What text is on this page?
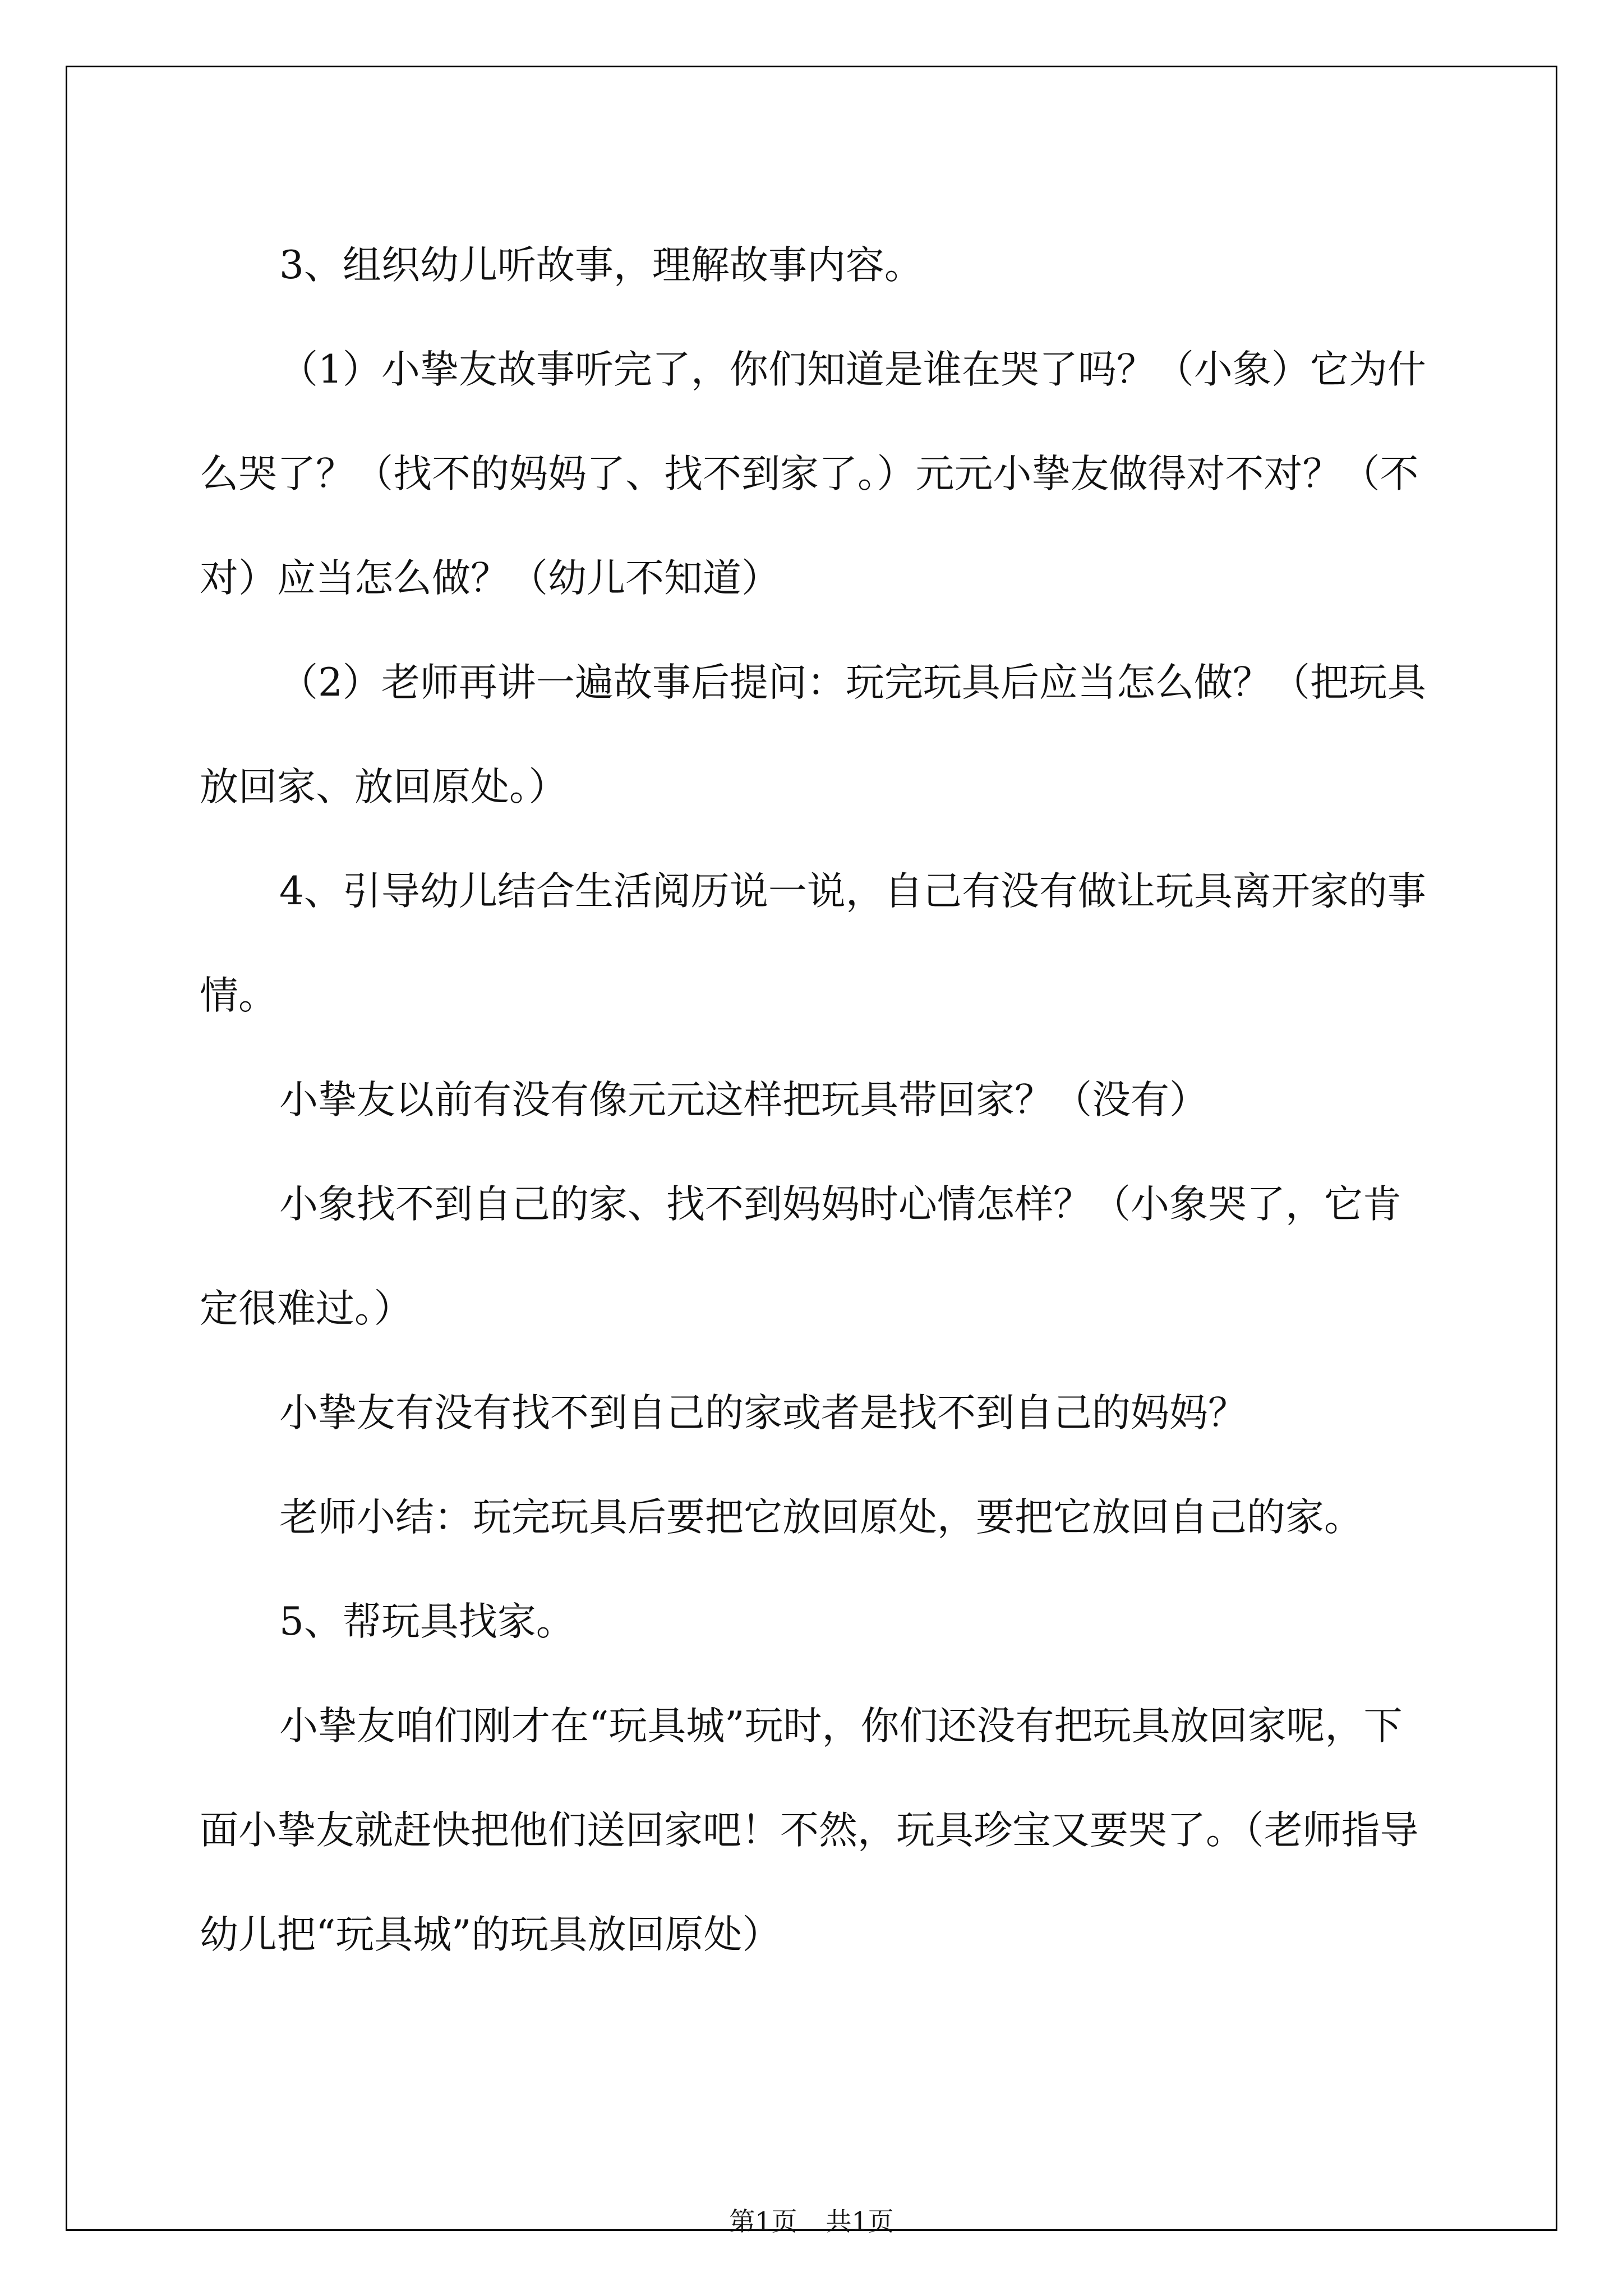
3、组织幼儿听故事，理解故事内容。

（1）小挚友故事听完了，你们知道是谁在哭了吗？（小象）它为什么哭了？（找不的妈妈了、找不到家了。）元元小挚友做得对不对？（不对）应当怎么做？（幼儿不知道）

（2）老师再讲一遍故事后提问：玩完玩具后应当怎么做？（把玩具放回家、放回原处。）

4、引导幼儿结合生活阅历说一说，自己有没有做让玩具离开家的事情。

小挚友以前有没有像元元这样把玩具带回家？（没有）

小象找不到自己的家、找不到妈妈时心情怎样？（小象哭了，它肯定很难过。）

小挚友有没有找不到自己的家或者是找不到自己的妈妈？

老师小结：玩完玩具后要把它放回原处，要把它放回自己的家。

5、帮玩具找家。

小挚友咱们刚才在“玩具城”玩时，你们还没有把玩具放回家呢，下面小挚友就赶快把他们送回家吧！不然，玩具珍宝又要哭了。（老师指导幼儿把“玩具城”的玩具放回原处）

第1页 共1页
